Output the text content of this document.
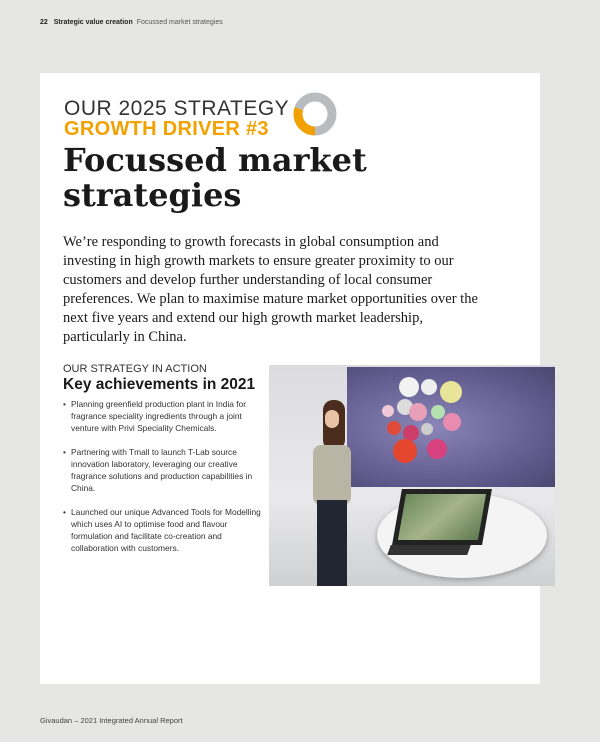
22 Strategic value creation Focussed market strategies
OUR 2025 STRATEGY
GROWTH DRIVER #3
Focussed market
strategies
We’re responding to growth forecasts in global consumption and investing in high growth markets to ensure greater proximity to our customers and develop further understanding of local consumer preferences. We plan to maximise mature market opportunities over the next five years and extend our high growth market leadership, particularly in China.
OUR STRATEGY IN ACTION
Key achievements in 2021
• Planning greenfield production plant in India for fragrance speciality ingredients through a joint venture with Privi Speciality Chemicals.
• Partnering with Tmall to launch T-Lab source innovation laboratory, leveraging our creative fragrance solutions and production capabilities in China.
• Launched our unique Advanced Tools for Modelling which uses AI to optimise food and flavour formulation and facilitate co-creation and collaboration with customers.
Givaudan – 2021 Integrated Annual Report
